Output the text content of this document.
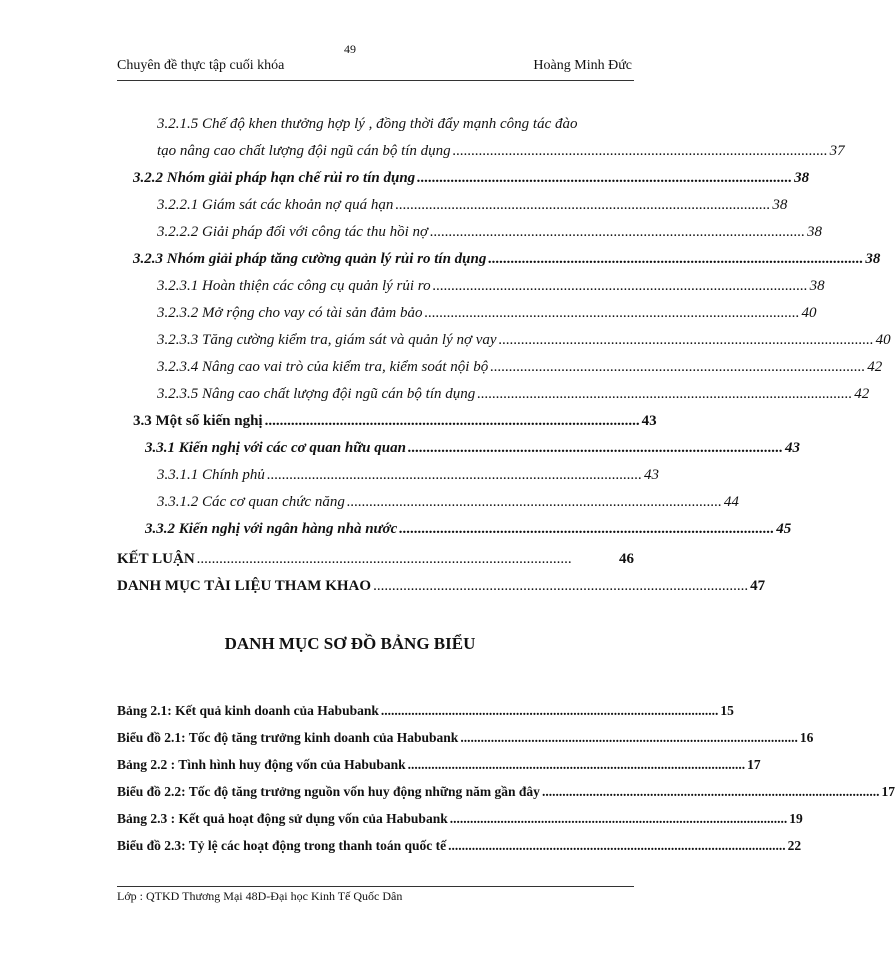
49
Chuyên đề thực tập cuối khóa	Hoàng Minh Đức
3.2.1.5 Chế độ khen thưởng hợp lý , đồng thời đẩy mạnh công tác đào
tạo nâng cao chất lượng đội ngũ cán bộ tín dụng .................................................................................................... 37
3.2.2 Nhóm giải pháp hạn chế rủi ro tín dụng .................................................................................................... 38
3.2.2.1 Giám sát các khoản nợ quá hạn .................................................................................................... 38
3.2.2.2 Giải pháp đối với công tác thu hồi nợ .................................................................................................... 38
3.2.3 Nhóm giải pháp tăng cường quản lý rủi ro tín dụng .................................................................................................... 38
3.2.3.1 Hoàn thiện các công cụ quản lý rủi ro .................................................................................................... 38
3.2.3.2 Mở rộng cho vay có tài sản đảm bảo .................................................................................................... 40
3.2.3.3 Tăng cường kiểm tra, giám sát và quản lý nợ vay .................................................................................................... 40
3.2.3.4 Nâng cao vai trò của kiểm tra, kiểm soát nội bộ .................................................................................................... 42
3.2.3.5 Nâng cao chất lượng đội ngũ cán bộ tín dụng .................................................................................................... 42
3.3 Một số kiến nghị .................................................................................................... 43
3.3.1 Kiến nghị với các cơ quan hữu quan .................................................................................................... 43
3.3.1.1 Chính phủ .................................................................................................... 43
3.3.1.2 Các cơ quan chức năng .................................................................................................... 44
3.3.2 Kiến nghị với ngân hàng nhà nước .................................................................................................... 45
KẾT LUẬN ....................................................................................................	46
DANH MỤC TÀI LIỆU THAM KHAO .................................................................................................... 47
DANH MỤC SƠ ĐỒ BẢNG BIỂU
Bảng 2.1: Kết quả kinh doanh của Habubank .................................................................................................... 15
Biểu đồ 2.1: Tốc độ tăng trưởng kinh doanh của Habubank .................................................................................................... 16
Bảng 2.2 : Tình hình huy động vốn của Habubank .................................................................................................... 17
Biểu đồ 2.2: Tốc độ tăng trưởng nguồn vốn huy động những năm gần đây .................................................................................................... 17
Bảng 2.3 : Kết quả hoạt động sử dụng vốn của Habubank .................................................................................................... 19
Biểu đồ 2.3: Tỷ lệ các hoạt động trong thanh toán quốc tế .................................................................................................... 22
Lớp : QTKD Thương Mại 48D-Đại học Kinh Tế Quốc Dân
